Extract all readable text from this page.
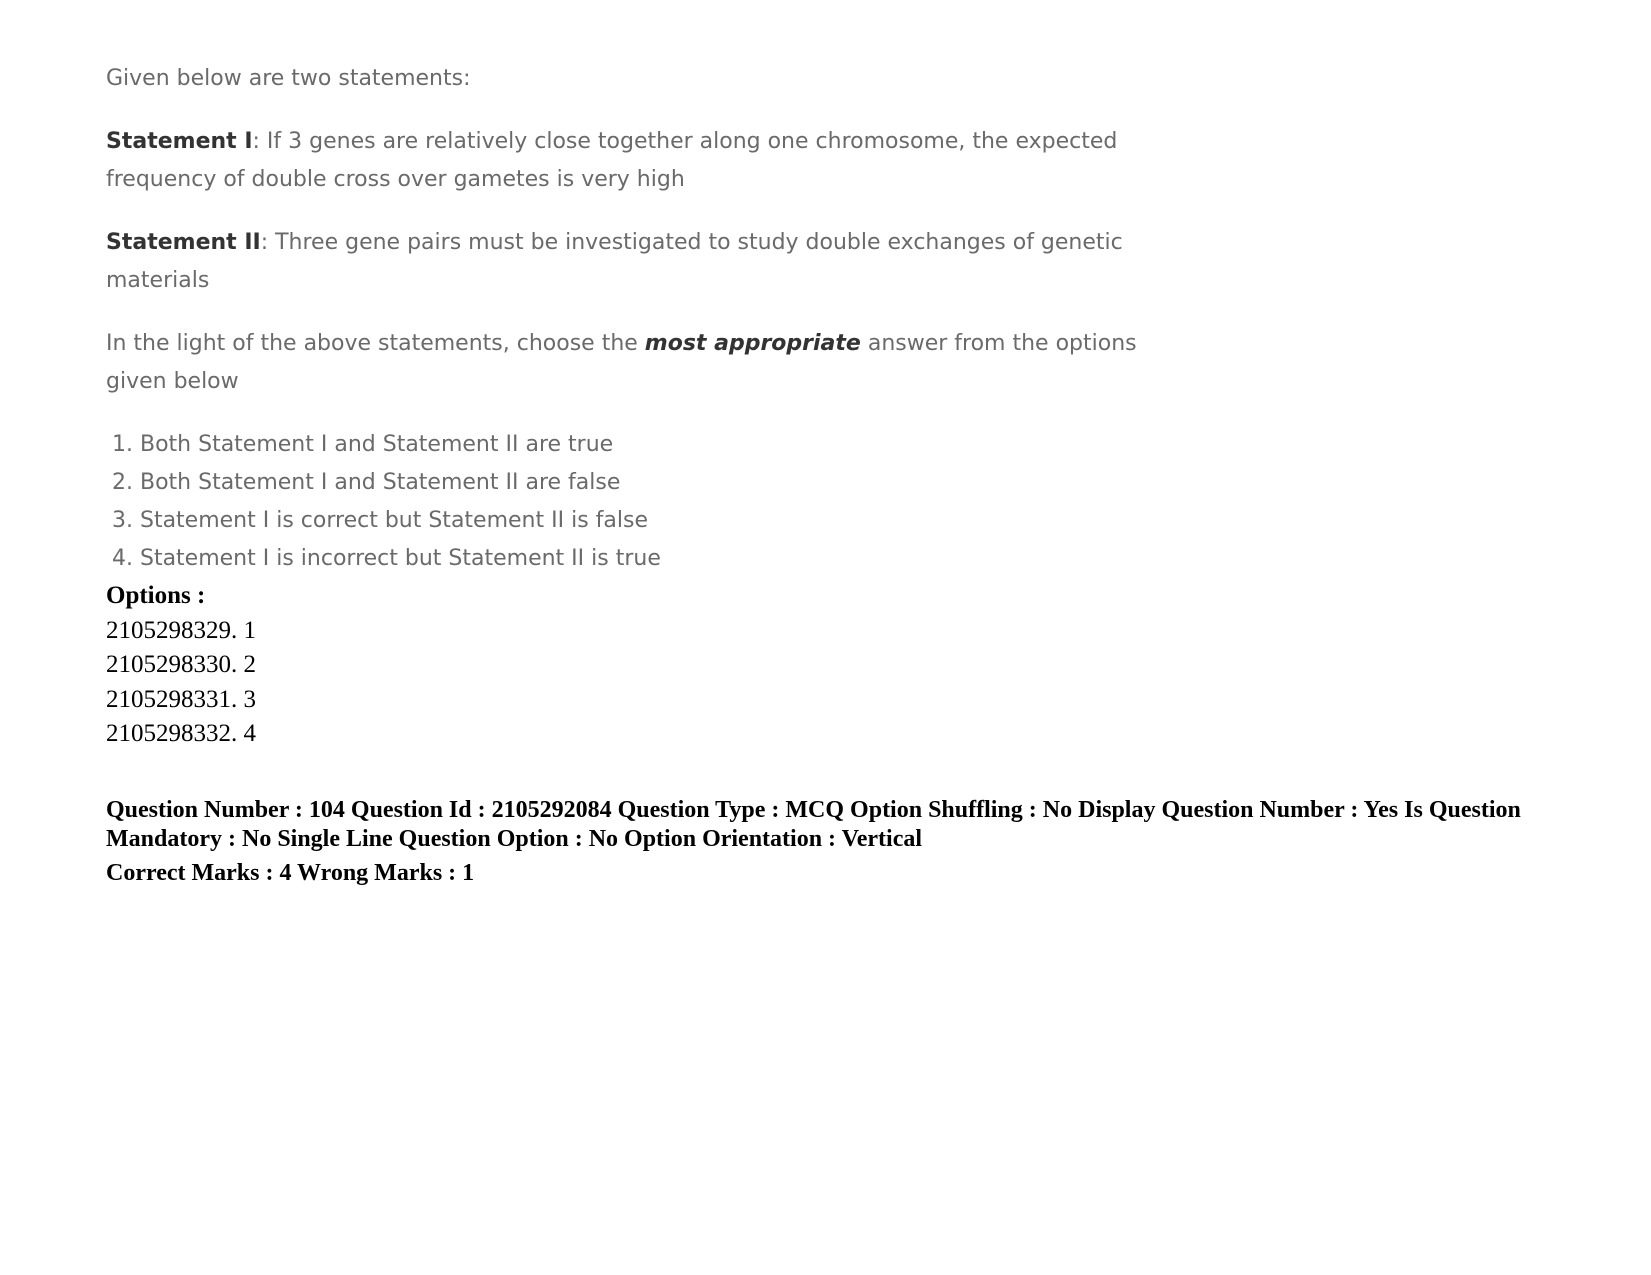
Given below are two statements:

Statement I: If 3 genes are relatively close together along one chromosome, the expected frequency of double cross over gametes is very high

Statement II: Three gene pairs must be investigated to study double exchanges of genetic materials

In the light of the above statements, choose the most appropriate answer from the options given below

1. Both Statement I and Statement II are true
2. Both Statement I and Statement II are false
3. Statement I is correct but Statement II is false
4. Statement I is incorrect but Statement II is true
Options :
2105298329. 1
2105298330. 2
2105298331. 3
2105298332. 4
Question Number : 104 Question Id : 2105292084 Question Type : MCQ Option Shuffling : No Display Question Number : Yes Is Question Mandatory : No Single Line Question Option : No Option Orientation : Vertical
Correct Marks : 4 Wrong Marks : 1
